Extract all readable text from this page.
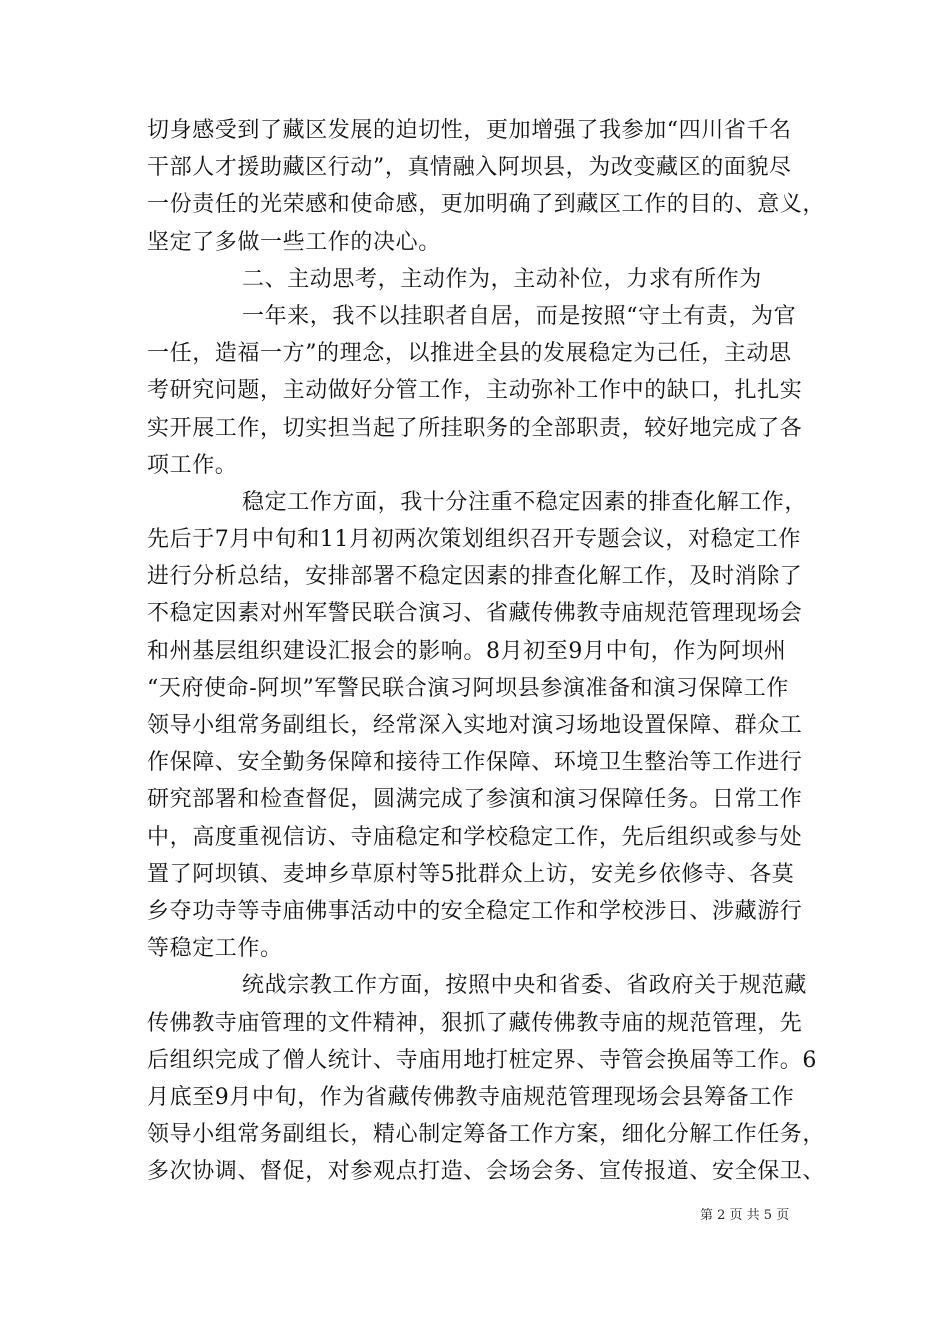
切身感受到了藏区发展的迫切性，更加增强了我参加“四川省千名
干部人才援助藏区行动”，真情融入阿坝县，为改变藏区的面貌尽
一份责任的光荣感和使命感，更加明确了到藏区工作的目的、意义，
坚定了多做一些工作的决心。
二、主动思考，主动作为，主动补位，力求有所作为
一年来，我不以挂职者自居，而是按照“守土有责，为官
一任，造福一方”的理念，以推进全县的发展稳定为己任，主动思
考研究问题，主动做好分管工作，主动弥补工作中的缺口，扎扎实
实开展工作，切实担当起了所挂职务的全部职责，较好地完成了各
项工作。
稳定工作方面，我十分注重不稳定因素的排查化解工作，
先后于7月中旬和11月初两次策划组织召开专题会议，对稳定工作
进行分析总结，安排部署不稳定因素的排查化解工作，及时消除了
不稳定因素对州军警民联合演习、省藏传佛教寺庙规范管理现场会
和州基层组织建设汇报会的影响。8月初至9月中旬，作为阿坝州
“天府使命-阿坝”军警民联合演习阿坝县参演准备和演习保障工作
领导小组常务副组长，经常深入实地对演习场地设置保障、群众工
作保障、安全勤务保障和接待工作保障、环境卫生整治等工作进行
研究部署和检查督促，圆满完成了参演和演习保障任务。日常工作
中，高度重视信访、寺庙稳定和学校稳定工作，先后组织或参与处
置了阿坝镇、麦坤乡草原村等5批群众上访，安羌乡依修寺、各莫
乡夺功寺等寺庙佛事活动中的安全稳定工作和学校涉日、涉藏游行
等稳定工作。
统战宗教工作方面，按照中央和省委、省政府关于规范藏
传佛教寺庙管理的文件精神，狠抓了藏传佛教寺庙的规范管理，先
后组织完成了僧人统计、寺庙用地打桩定界、寺管会换届等工作。6
月底至9月中旬，作为省藏传佛教寺庙规范管理现场会县筹备工作
领导小组常务副组长，精心制定筹备工作方案，细化分解工作任务，
多次协调、督促，对参观点打造、会场会务、宣传报道、安全保卫、
第 2 页 共 5 页
